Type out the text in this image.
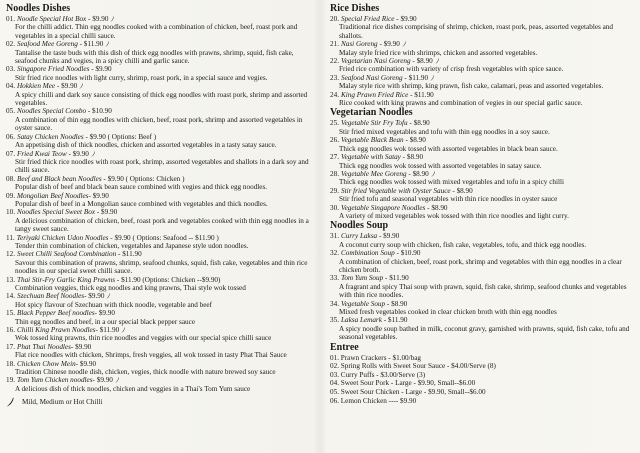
Noodles Dishes
01. Noodle Special Hot Box - $9.90
For the chilli addict. Thin egg noodles cooked with a combination of chicken, beef, roast pork and vegetables in a special chilli sauce.
02. Seafood Mee Goreng - $11.90
Tantalise the taste buds with this dish of thick egg noodles with prawns, shrimp, squid, fish cake, seafood chunks and vegies, in a spicy chilli and garlic sauce.
03. Singapore Fried Noodles - $9.90
Stir fried rice noodles with light curry, shrimp, roast pork, in a special sauce and vegies.
04. Hokkien Mee - $9.90
A spicy chilli and dark soy sauce consisting of thick egg noodles with roast pork, shrimp and assorted vegetables.
05. Noodles Special Combo - $10.90
A combination of thin egg noodles with chicken, beef, roast pork, shrimp and assorted vegetables in oyster sauce.
06. Satay Chicken Noodles - $9.90 ( Options: Beef )
An appetising dish of thick noodles, chicken and assorted vegetables in a tasty satay sauce.
07. Fried Kwai Teow - $9.90
Stir fried thick rice noodles with roast pork, shrimp, assorted vegetables and shallots in a dark soy and chilli sauce.
08. Beef and Black bean Noodles - $9.90 ( Options: Chicken )
Popular dish of beef and black bean sauce combined with vegies and thick egg noodles.
09. Mongolian Beef Noodles- $9.90
Popular dish of beef in a Mongolian sauce combined with vegetables and thick noodles.
10. Noodles Special Sweet Box - $9.90
A delicious combination of chicken, beef, roast pork and vegetables cooked with thin egg noodles in a tangy sweet sauce.
11. Teriyaki Chicken Udon Noodles - $9.90 ( Options: Seafood -- $11.90 )
Tender thin combination of chicken, vegetables and Japanese style udon noodles.
12. Sweet Chilli Seafood Combination - $11.90
Savour this combination of prawns, shrimp, seafood chunks, squid, fish cake, vegetables and thin rice noodles in our special sweet chilli sauce.
13. Thai Stir-Fry Garlic King Prawns - $11.90 (Options: Chicken --$9.90)
Combination veggies, thick egg noodles and king prawns, Thai style wok tossed
14. Szechuan Beef Noodles- $9.90
Hot spicy flavour of Szechuan with thick noodle, vegetable and beef
15. Black Pepper Beef noodles- $9.90
Thin egg noodles and beef, in a our special black pepper sauce
16. Chilli King Prawn Noodles- $11.90
Wok tossed king prawns, thin rice noodles and veggies with our special spice chilli sauce
17. Phat Thai Noodles- $9.90
Flat rice noodles with chicken, Shrimps, fresh veggies, all wok tossed in tasty Phat Thai Sauce
18. Chicken Chow Mein- $9.90
Tradition Chinese noodle dish, chicken, vegies, thick noodle with nature brewed soy sauce
19. Tom Yum Chicken noodles- $9.90
A delicious dish of thick noodles, chicken and veggies in a Thai's Tom Yum sauce
Mild, Medium or Hot Chilli
Rice Dishes
20. Special Fried Rice - $9.90
Traditional rice dishes comprising of shrimp, chicken, roast pork, peas, assorted vegetables and shallots.
21. Nasi Goreng - $9.90
Malay style fried rice with shrimps, chicken and assorted vegetables.
22. Vegetarian Nasi Goreng - $8.90
Fried rice combination with variety of crisp fresh vegetables with spice sauce.
23. Seafood Nasi Goreng - $11.90
Malay style rice with shrimp, king prawn, fish cake, calamari, peas and assorted vegetables.
24. King Prawn Fried Rice - $11.90
Rice cooked with king prawns and combination of vegies in our special garlic sauce.
Vegetarian Noodles
25. Vegetable Stir Fry Tofu - $8.90
Stir fried mixed vegetables and tofu with thin egg noodles in a soy sauce.
26. Vegetable Black Bean - $8.90
Thick egg noodles wok tossed with assorted vegetables in black bean sauce.
27. Vegetable with Satay - $8.90
Thick egg noodles wok tossed with assorted vegetables in satay sauce.
28. Vegetable Mee Goreng - $8.90
Thick egg noodles wok tossed with mixed vegetables and tofu in a spicy chilli
29. Stir fried Vegetable with Oyster Sauce - $8.90
Stir fried tofu and seasonal vegetables with thin rice noodles in oyster sauce
30. Vegetable Singapore Noodles - $8.90
A variety of mixed vegetables wok tossed with thin rice noodles and light curry.
Noodles Soup
31. Curry Laksa - $9.90
A coconut curry soup with chicken, fish cake, vegetables, tofu, and thick egg noodles.
32. Combination Soup - $10.90
A combination of chicken, beef, roast pork, shrimp and vegetables with thin egg noodles in a clear chicken broth.
33. Tom Yum Soup - $11.90
A fragrant and spicy Thai soup with prawn, squid, fish cake, shrimp, seafood chunks and vegetables with thin rice noodles.
34. Vegetable Soup - $8.90
Mixed fresh vegetables cooked in clear chicken broth with thin egg noodles
35. Laksa Lemark - $11.90
A spicy noodle soup bathed in milk, coconut gravy, garnished with prawns, squid, fish cake, tofu and seasonal vegetables.
Entree
01. Prawn Crackers - $1.00/bag
02. Spring Rolls with Sweet Sour Sauce - $4.00/Serve (8)
03. Curry Puffs - $3.00/Serve (3)
04. Sweet Sour Pork - Large - $9.90, Small--$6.00
05. Sweet Sour Chicken - Large - $9.90, Small--$6.00
06. Lemon Chicken ---- $9.90
